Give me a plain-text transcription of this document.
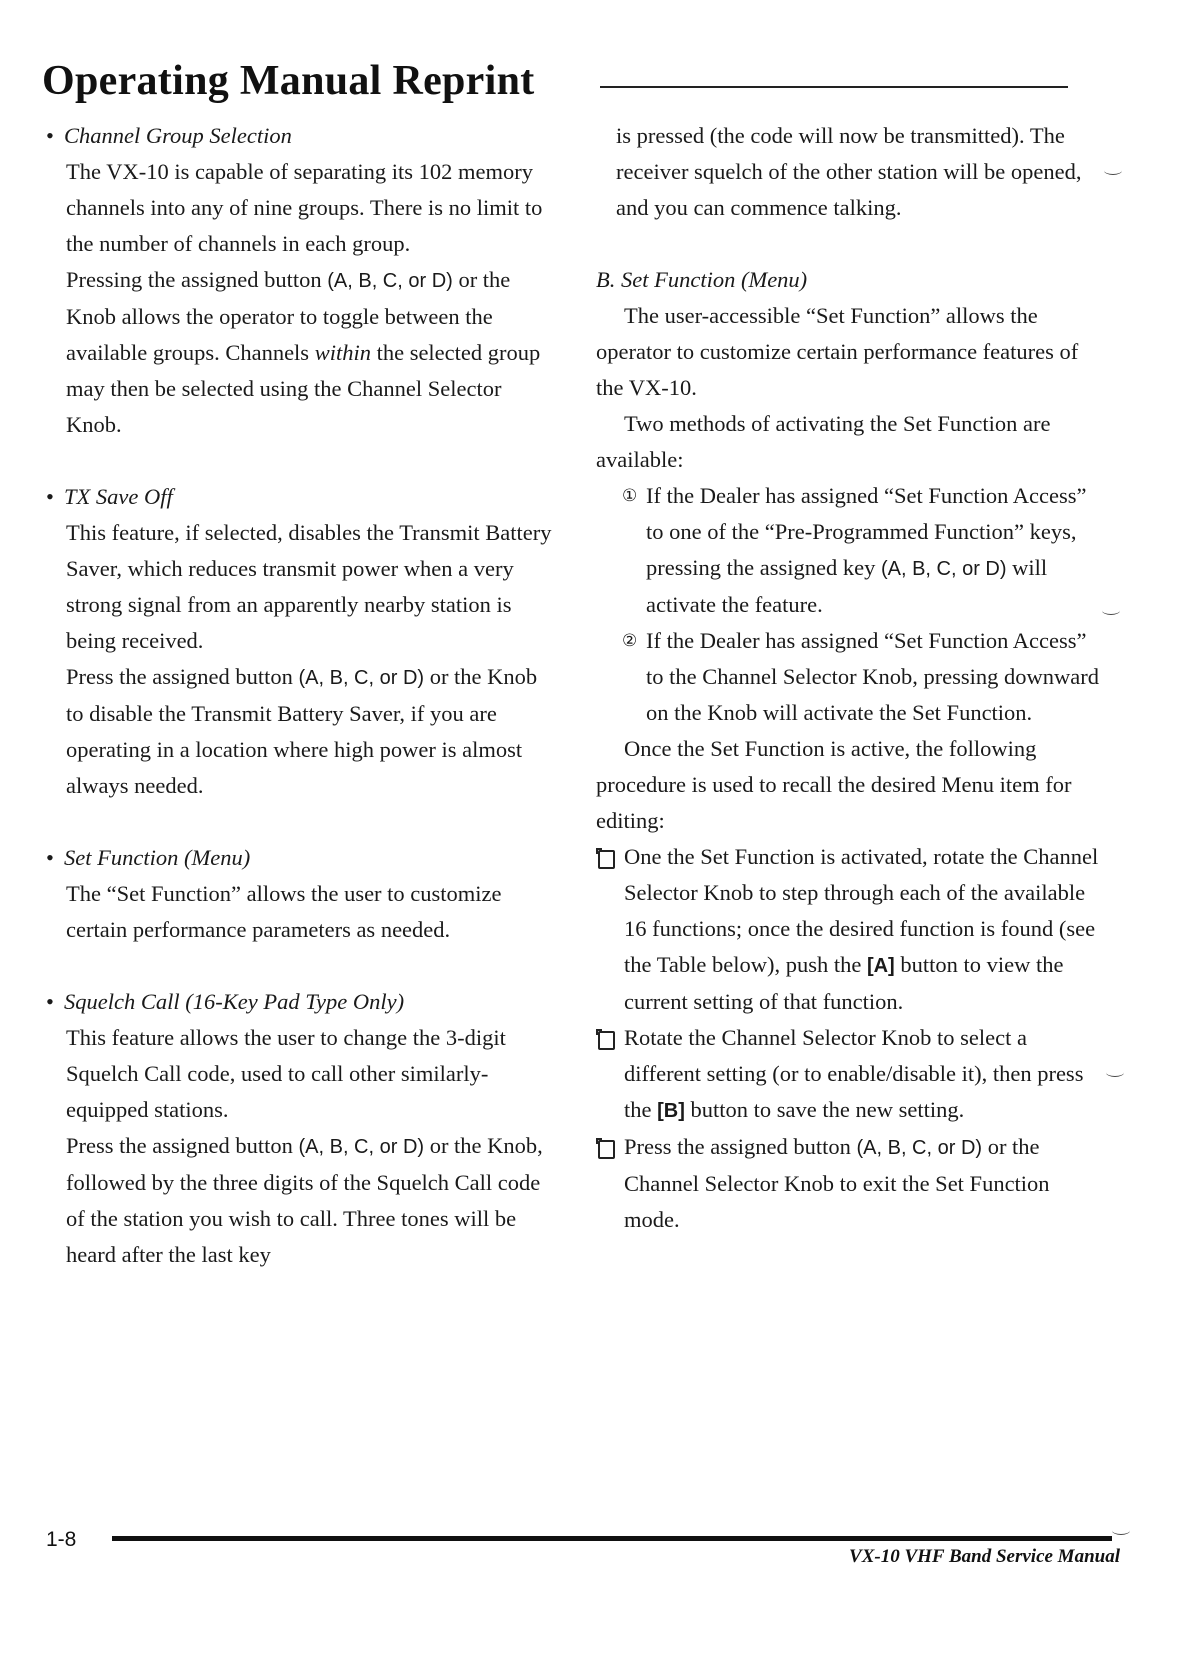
Operating Manual Reprint

• Channel Group Selection

The VX-10 is capable of separating its 102 memory channels into any of nine groups. There is no limit to the number of channels in each group.

Pressing the assigned button (A, B, C, or D) or the Knob allows the operator to toggle between the available groups. Channels within the selected group may then be selected using the Channel Selector Knob.

• TX Save Off

This feature, if selected, disables the Transmit Battery Saver, which reduces transmit power when a very strong signal from an apparently nearby station is being received.

Press the assigned button (A, B, C, or D) or the Knob to disable the Transmit Battery Saver, if you are operating in a location where high power is almost always needed.

• Set Function (Menu)

The “Set Function” allows the user to customize certain performance parameters as needed.

• Squelch Call (16-Key Pad Type Only)

This feature allows the user to change the 3-digit Squelch Call code, used to call other similarly-equipped stations.

Press the assigned button (A, B, C, or D) or the Knob, followed by the three digits of the Squelch Call code of the station you wish to call. Three tones will be heard after the last key

is pressed (the code will now be transmitted). The receiver squelch of the other station will be opened, and you can commence talking.

B. Set Function (Menu)

The user-accessible “Set Function” allows the operator to customize certain performance features of the VX-10.

Two methods of activating the Set Function are available:

① If the Dealer has assigned “Set Function Access” to one of the “Pre-Programmed Function” keys, pressing the assigned key (A, B, C, or D) will activate the feature.

② If the Dealer has assigned “Set Function Access” to the Channel Selector Knob, pressing downward on the Knob will activate the Set Function.

Once the Set Function is active, the following procedure is used to recall the desired Menu item for editing:

One the Set Function is activated, rotate the Channel Selector Knob to step through each of the available 16 functions; once the desired function is found (see the Table below), push the [A] button to view the current setting of that function.

Rotate the Channel Selector Knob to select a different setting (or to enable/disable it), then press the [B] button to save the new setting.

Press the assigned button (A, B, C, or D) or the Channel Selector Knob to exit the Set Function mode.

1-8
VX-10 VHF Band Service Manual
